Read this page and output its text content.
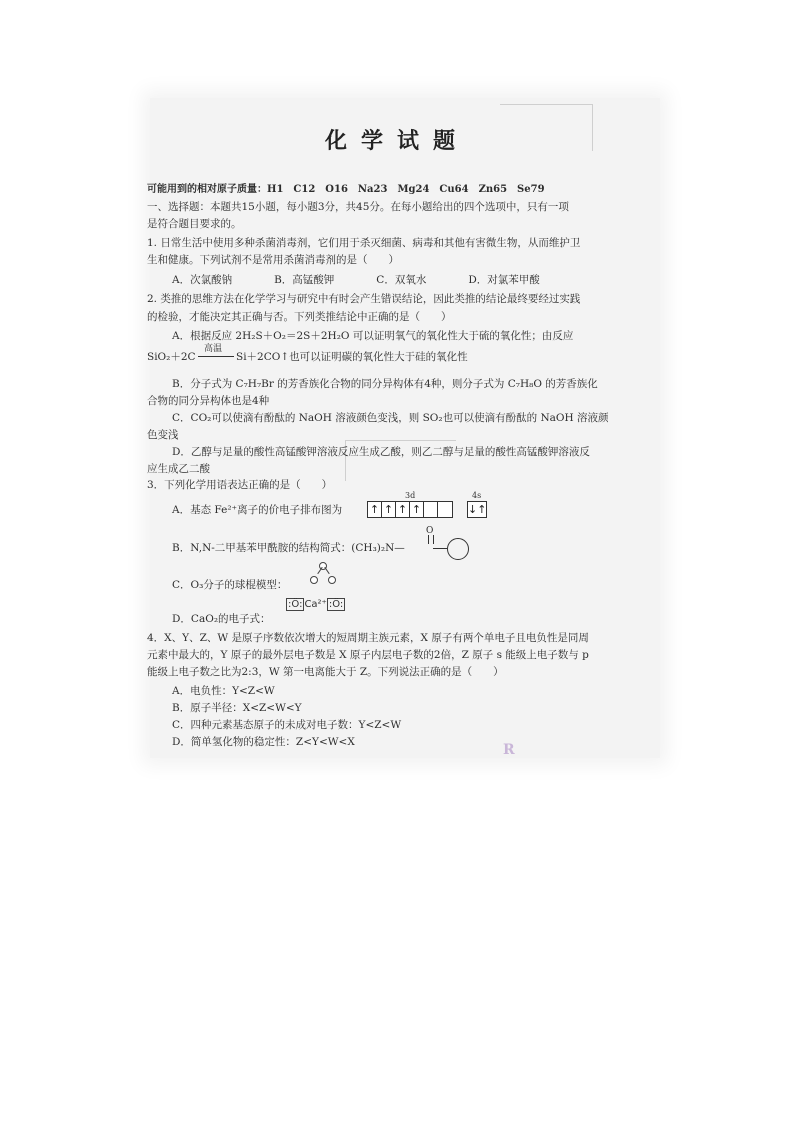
化学试题
可能用到的相对原子质量：H1　C12　O16　Na23　Mg24　Cu64　Zn65　Se79
一、选择题：本题共15小题，每小题3分，共45分。在每小题给出的四个选项中，只有一项
是符合题目要求的。
1. 日常生活中使用多种杀菌消毒剂，它们用于杀灭细菌、病毒和其他有害微生物，从而维护卫
生和健康。下列试剂不是常用杀菌消毒剂的是（　　）
A．次氯酸钠　　　　B．高锰酸钾　　　　C．双氧水　　　　D．对氯苯甲酸
2. 类推的思维方法在化学学习与研究中有时会产生错误结论，因此类推的结论最终要经过实践
的检验，才能决定其正确与否。下列类推结论中正确的是（　　）
A．根据反应 2H₂S＋O₂＝2S＋2H₂O 可以证明氧气的氧化性大于硫的氧化性；由反应
高温
SiO₂＋2C	Si＋2CO↑也可以证明碳的氧化性大于硅的氧化性
B．分子式为 C₇H₇Br 的芳香族化合物的同分异构体有4种，则分子式为 C₇H₈O 的芳香族化
合物的同分异构体也是4种
C．CO₂可以使滴有酚酞的 NaOH 溶液颜色变浅，则 SO₂也可以使滴有酚酞的 NaOH 溶液颜
色变浅
D．乙醇与足量的酸性高锰酸钾溶液反应生成乙酸，则乙二醇与足量的酸性高锰酸钾溶液反
应生成乙二酸
3．下列化学用语表达正确的是（　　）
A．基态 Fe²⁺离子的价电子排布图为
3d	4s
↑ ↑ ↑ ↑	↓↑
B．N,N-二甲基苯甲酰胺的结构简式：(CH₃)₂N—
O
C．O₃分子的球棍模型：
D．CaO₂的电子式：
:Ö: Ca²⁺ :Ö:
4．X、Y、Z、W 是原子序数依次增大的短周期主族元素，X 原子有两个单电子且电负性是同周
元素中最大的，Y 原子的最外层电子数是 X 原子内层电子数的2倍，Z 原子 s 能级上电子数与 p
能级上电子数之比为2:3，W 第一电离能大于 Z。下列说法正确的是（　　）
A．电负性：Y<Z<W
B．原子半径：X<Z<W<Y
C．四种元素基态原子的未成对电子数：Y<Z<W
D．简单氢化物的稳定性：Z<Y<W<X	R
